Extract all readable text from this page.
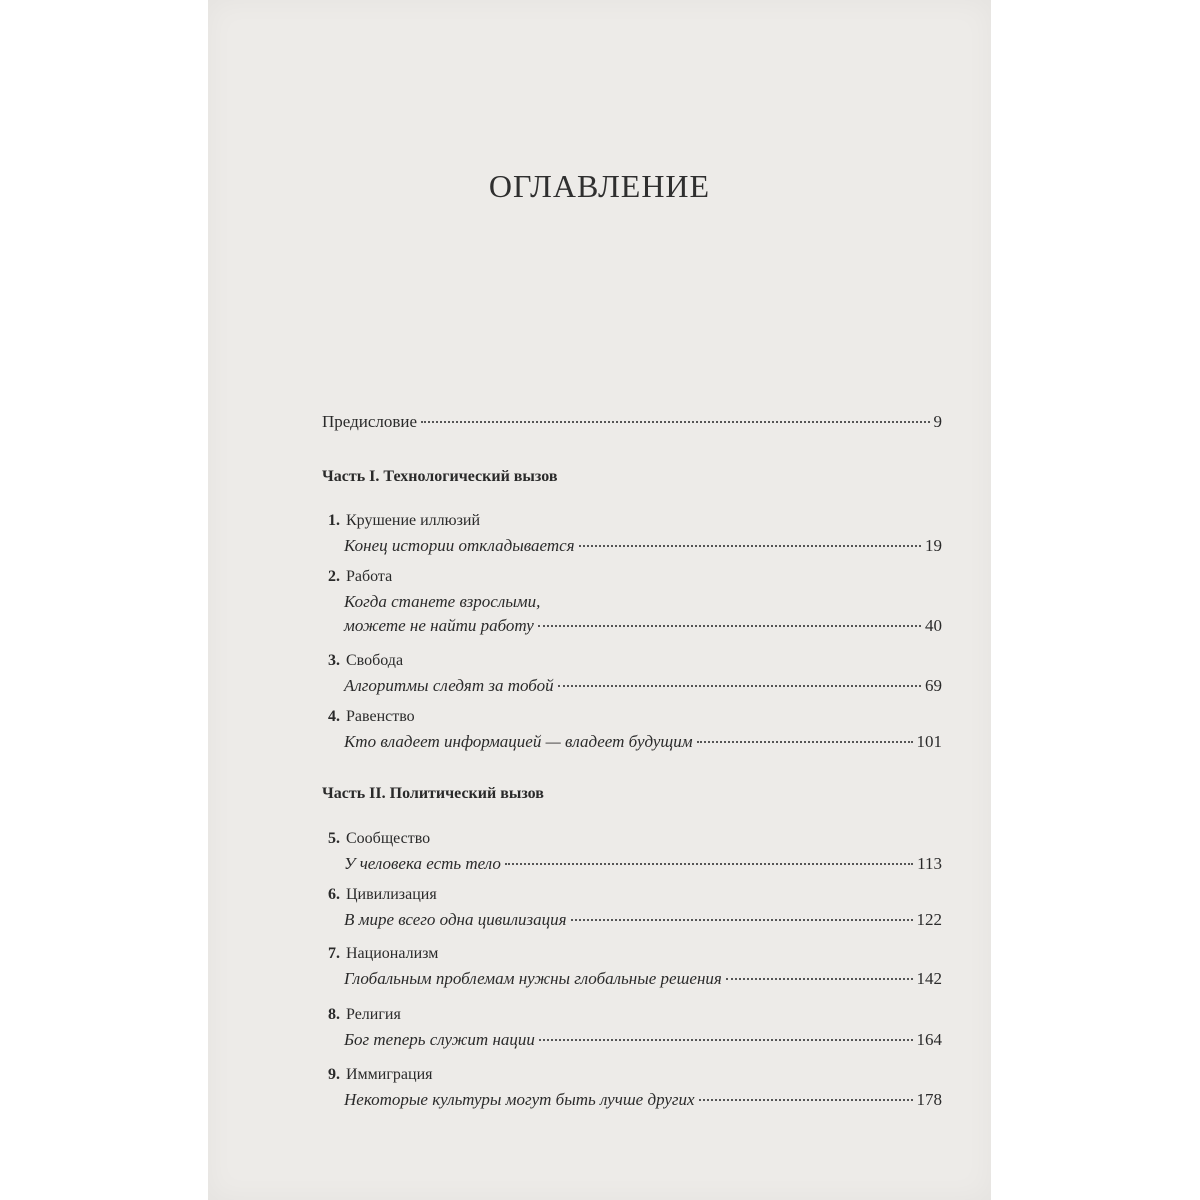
ОГЛАВЛЕНИЕ
Предисловие	9
Часть I. Технологический вызов
Часть II. Политический вызов
1. Крушение иллюзий
Конец истории откладывается	19
2. Работа
Когда станете взрослыми,
можете не найти работу	40
3. Свобода
Алгоритмы следят за тобой	69
4. Равенство
Кто владеет информацией — владеет будущим	101
5. Сообщество
У человека есть тело	113
6. Цивилизация
В мире всего одна цивилизация	122
7. Национализм
Глобальным проблемам нужны глобальные решения	142
8. Религия
Бог теперь служит нации	164
9. Иммиграция
Некоторые культуры могут быть лучше других	178
